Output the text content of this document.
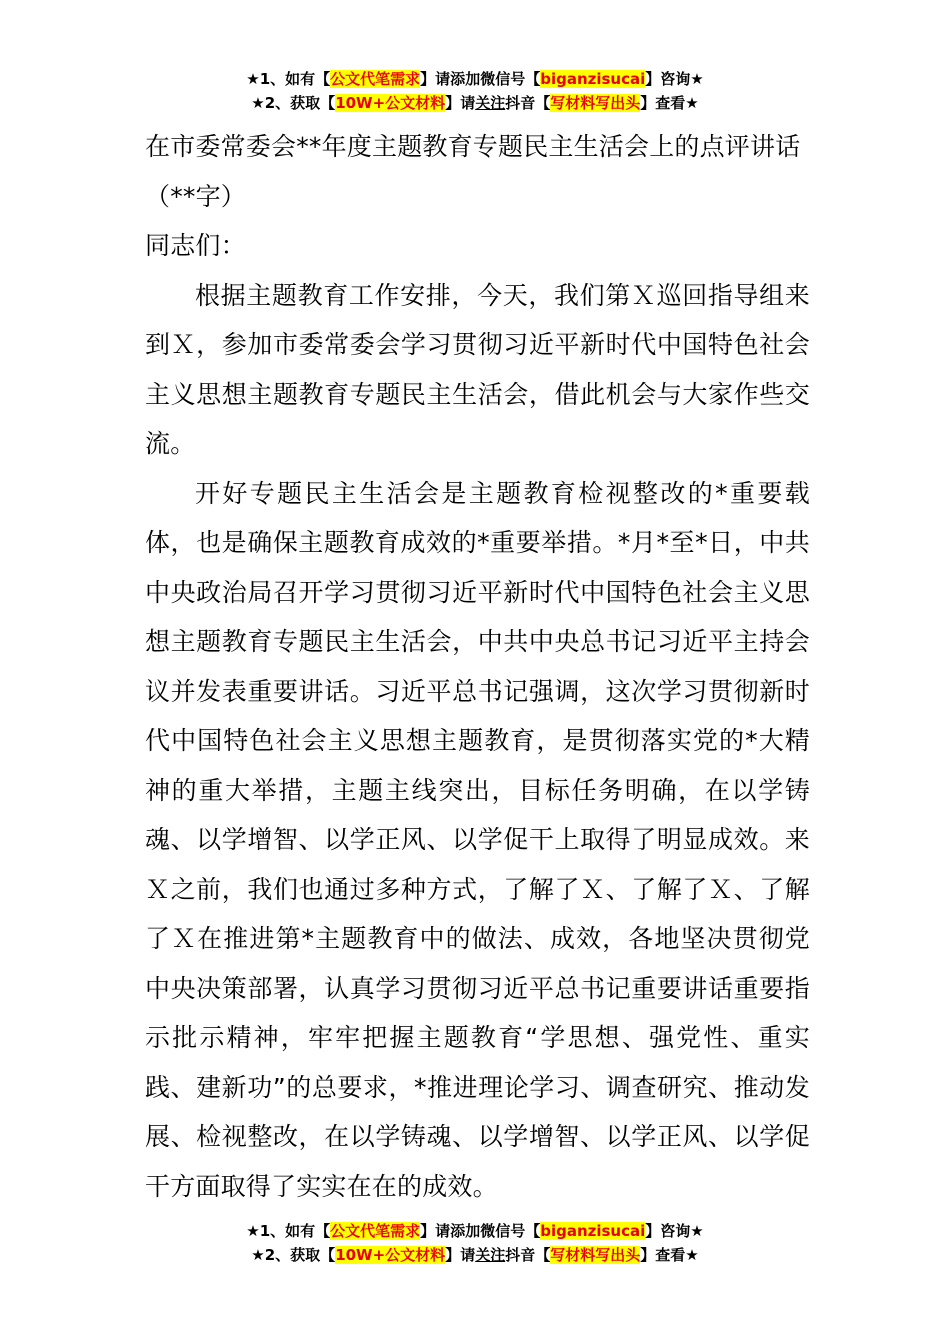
★1、如有【公文代笔需求】请添加微信号【biganzisucai】咨询★
★2、获取【10W+公文材料】请关注抖音【写材料写出头】查看★

在市委常委会**年度主题教育专题民主生活会上的点评讲话（**字）

同志们：

根据主题教育工作安排，今天，我们第Ｘ巡回指导组来到Ｘ，参加市委常委会学习贯彻习近平新时代中国特色社会主义思想主题教育专题民主生活会，借此机会与大家作些交流。

开好专题民主生活会是主题教育检视整改的*重要载体，也是确保主题教育成效的*重要举措。*月*至*日，中共中央政治局召开学习贯彻习近平新时代中国特色社会主义思想主题教育专题民主生活会，中共中央总书记习近平主持会议并发表重要讲话。习近平总书记强调，这次学习贯彻新时代中国特色社会主义思想主题教育，是贯彻落实党的*大精神的重大举措，主题主线突出，目标任务明确，在以学铸魂、以学增智、以学正风、以学促干上取得了明显成效。来Ｘ之前，我们也通过多种方式，了解了Ｘ、了解了Ｘ、了解了Ｘ在推进第*主题教育中的做法、成效，各地坚决贯彻党中央决策部署，认真学习贯彻习近平总书记重要讲话重要指示批示精神，牢牢把握主题教育“学思想、强党性、重实践、建新功”的总要求，*推进理论学习、调查研究、推动发展、检视整改，在以学铸魂、以学增智、以学正风、以学促干方面取得了实实在在的成效。

★1、如有【公文代笔需求】请添加微信号【biganzisucai】咨询★
★2、获取【10W+公文材料】请关注抖音【写材料写出头】查看★
